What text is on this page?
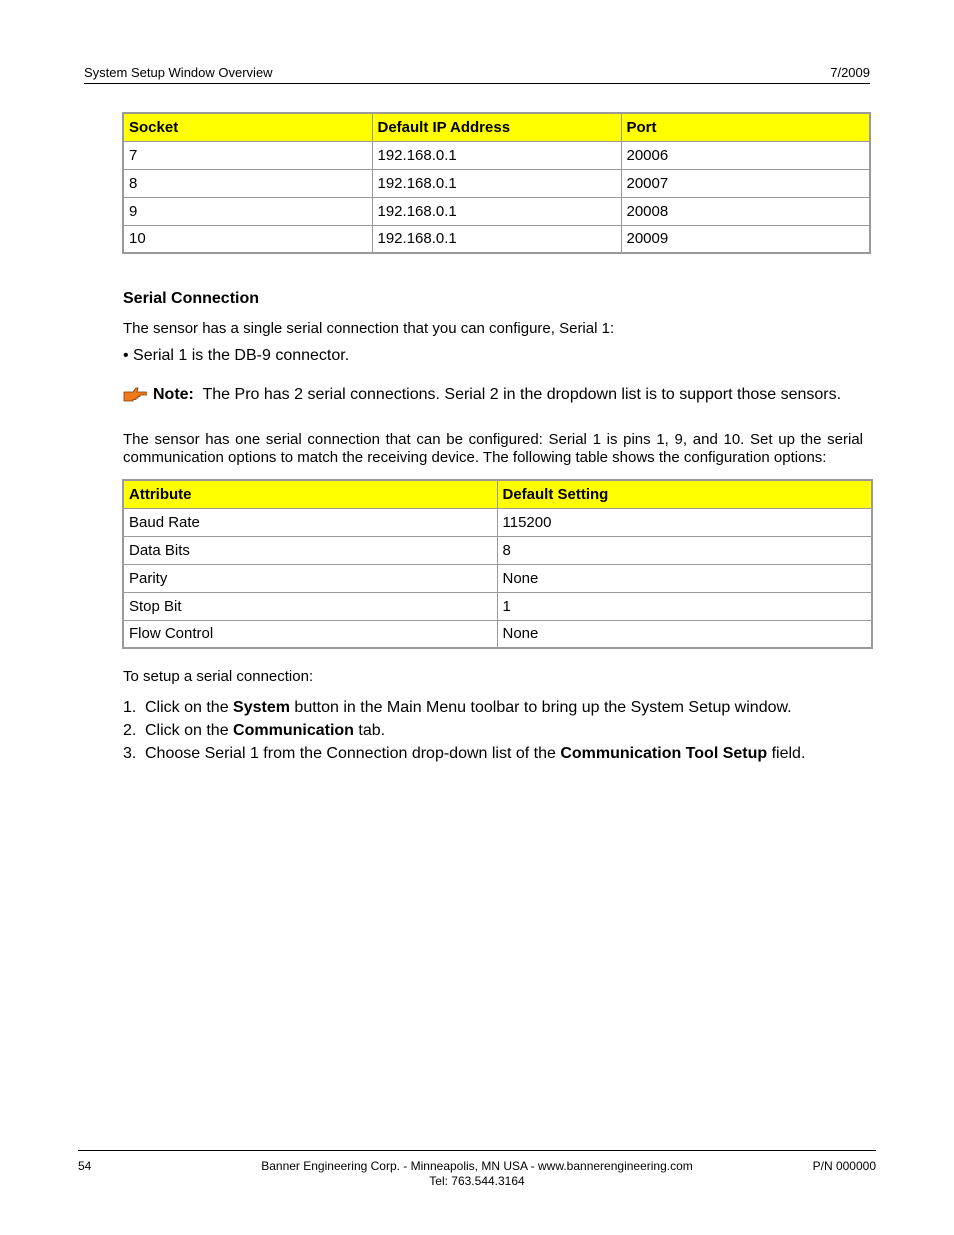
System Setup Window Overview	7/2009
Socket	Default IP Address	Port
7	192.168.0.1	20006
8	192.168.0.1	20007
9	192.168.0.1	20008
10	192.168.0.1	20009
Serial Connection
The sensor has a single serial connection that you can configure, Serial 1:
• Serial 1 is the DB-9 connector.
Note: The Pro has 2 serial connections. Serial 2 in the dropdown list is to support those sensors.
The sensor has one serial connection that can be configured: Serial 1 is pins 1, 9, and 10. Set up the serial communication options to match the receiving device. The following table shows the configuration options:
Attribute	Default Setting
Baud Rate	115200
Data Bits	8
Parity	None
Stop Bit	1
Flow Control	None
To setup a serial connection:
1. Click on the System button in the Main Menu toolbar to bring up the System Setup window.
2. Click on the Communication tab.
3. Choose Serial 1 from the Connection drop-down list of the Communication Tool Setup field.
54	Banner Engineering Corp. - Minneapolis, MN USA - www.bannerengineering.com
Tel: 763.544.3164
P/N 000000
